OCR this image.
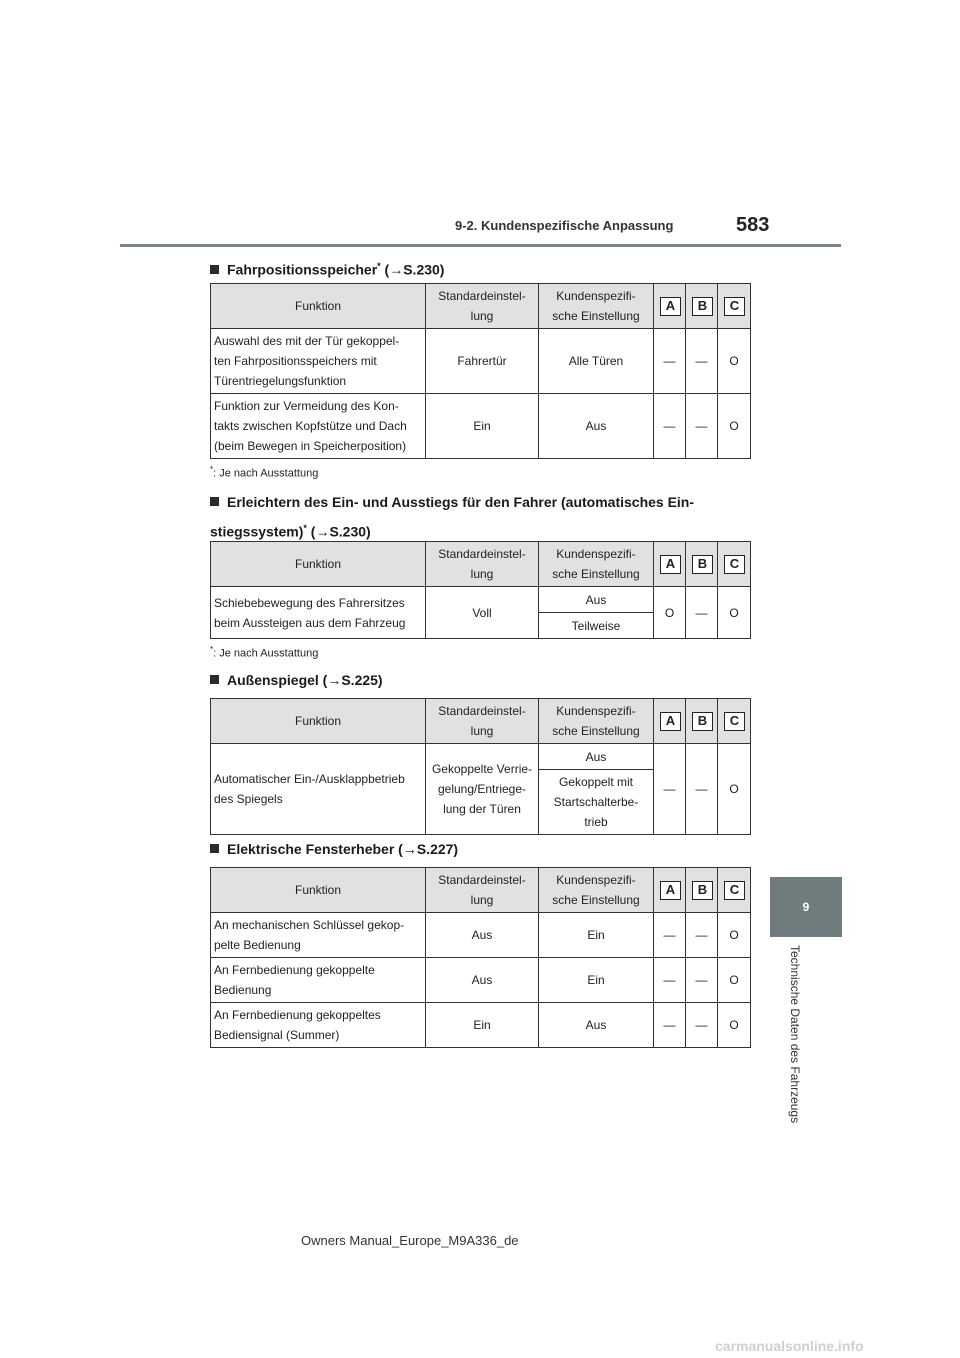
9-2. Kundenspezifische Anpassung	583
9
Technische Daten des Fahrzeugs
Fahrpositionsspeicher* (→S.230)
Funktion	Standardeinstel-
lung	Kundenspezifi-
sche Einstellung	A	B	C
Auswahl des mit der Tür gekoppel-
ten Fahrpositionsspeichers mit
Türentriegelungsfunktion	Fahrertür	Alle Türen	—	—	O
Funktion zur Vermeidung des Kon-
takts zwischen Kopfstütze und Dach
(beim Bewegen in Speicherposition)	Ein	Aus	—	—	O
*: Je nach Ausstattung
Erleichtern des Ein- und Ausstiegs für den Fahrer (automatisches Ein-
stiegssystem)* (→S.230)
Funktion	Standardeinstel-
lung	Kundenspezifi-
sche Einstellung	A	B	C
Schiebebewegung des Fahrersitzes
beim Aussteigen aus dem Fahrzeug	Voll	Aus	O	—	O
		Teilweise			
*: Je nach Ausstattung
Außenspiegel (→S.225)
Funktion	Standardeinstel-
lung	Kundenspezifi-
sche Einstellung	A	B	C
Automatischer Ein-/Ausklappbetrieb
des Spiegels	Gekoppelte Verrie-
gelung/Entriege-
lung der Türen	Aus	—	—	O
		Gekoppelt mit
Startschalterbe-
trieb			
Elektrische Fensterheber (→S.227)
Funktion	Standardeinstel-
lung	Kundenspezifi-
sche Einstellung	A	B	C
An mechanischen Schlüssel gekop-
pelte Bedienung	Aus	Ein	—	—	O
An Fernbedienung gekoppelte
Bedienung	Aus	Ein	—	—	O
An Fernbedienung gekoppeltes
Bediensignal (Summer)	Ein	Aus	—	—	O
Owners Manual_Europe_M9A336_de
carmanualsonline.info
